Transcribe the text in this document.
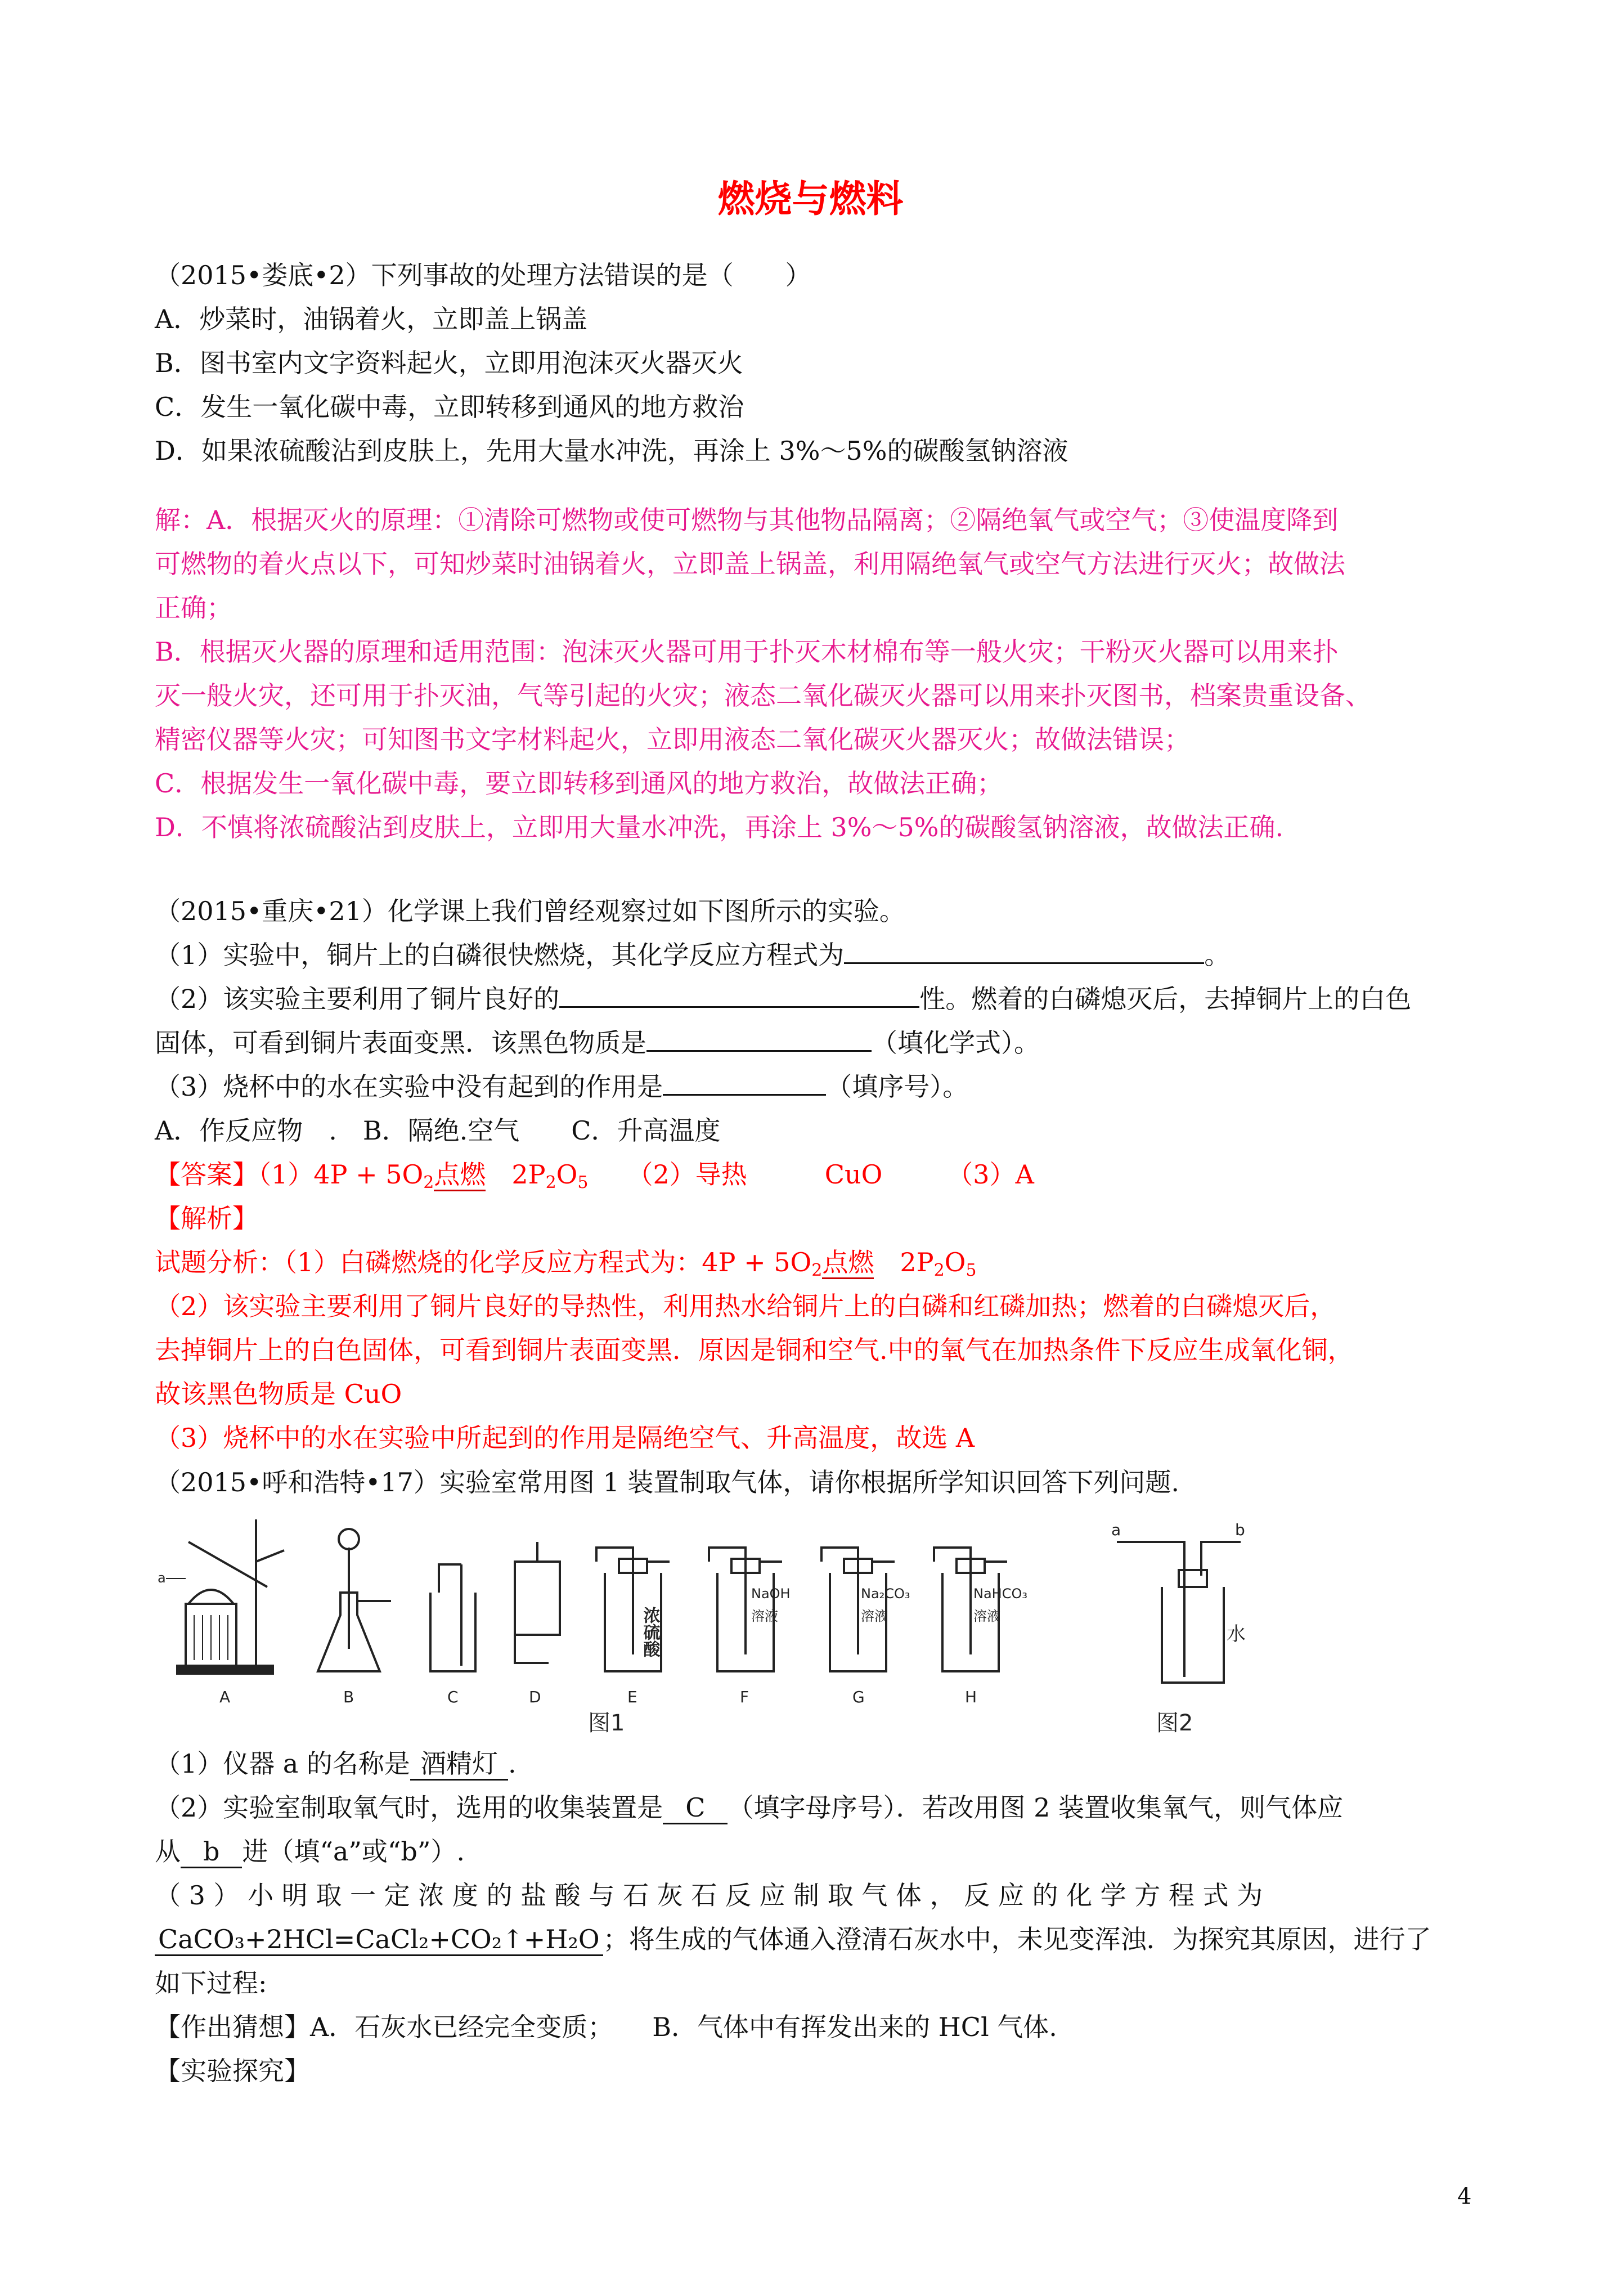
燃烧与燃料
（2015•娄底•2）下列事故的处理方法错误的是（　　）
A．炒菜时，油锅着火，立即盖上锅盖
B．图书室内文字资料起火，立即用泡沫灭火器灭火
C．发生一氧化碳中毒，立即转移到通风的地方救治
D．如果浓硫酸沾到皮肤上，先用大量水冲洗，再涂上 3%～5%的碳酸氢钠溶液
解：A．根据灭火的原理：①清除可燃物或使可燃物与其他物品隔离；②隔绝氧气或空气；③使温度降到
可燃物的着火点以下，可知炒菜时油锅着火，立即盖上锅盖，利用隔绝氧气或空气方法进行灭火；故做法
正确；
B．根据灭火器的原理和适用范围：泡沫灭火器可用于扑灭木材棉布等一般火灾；干粉灭火器可以用来扑
灭一般火灾，还可用于扑灭油，气等引起的火灾；液态二氧化碳灭火器可以用来扑灭图书，档案贵重设备、
精密仪器等火灾；可知图书文字材料起火，立即用液态二氧化碳灭火器灭火；故做法错误；
C．根据发生一氧化碳中毒，要立即转移到通风的地方救治，故做法正确；
D．不慎将浓硫酸沾到皮肤上，立即用大量水冲洗，再涂上 3%～5%的碳酸氢钠溶液，故做法正确.
（2015•重庆•21）化学课上我们曾经观察过如下图所示的实验。
（1）实验中，铜片上的白磷很快燃烧，其化学反应方程式为	。
（2）该实验主要利用了铜片良好的	性。燃着的白磷熄灭后，去掉铜片上的白色
固体，可看到铜片表面变黑．该黑色物质是	（填化学式）。
（3）烧杯中的水在实验中没有起到的作用是	（填序号）。
A．作反应物　.　B．隔绝.空气　　C．升高温度
【答案】$(1)4P + 5O_2$点燃　 $2P_2O_5$　　 （2）导热　　　	CuO　　　	（3）A
【解析】
试题分析：（1）白磷燃烧的化学反应方程式为：$4P + 5O_2$点燃　 $2P_2O_5$
（2）该实验主要利用了铜片良好的导热性，利用热水给铜片上的白磷和红磷加热；燃着的白磷熄灭后，
去掉铜片上的白色固体，可看到铜片表面变黑．原因是铜和空气.中的氧气在加热条件下反应生成氧化铜，
故该黑色物质是 CuO
（3）烧杯中的水在实验中所起到的作用是隔绝空气、升高温度，故选 A
（2015•呼和浩特•17）实验室常用图 1 装置制取气体，请你根据所学知识回答下列问题.
A	B	C	D	E	F	G	H
a
a	b
浓硫酸
NaOH
溶液
Na₂CO₃
溶液
NaHCO₃
溶液
水
图1	图2
（1）仪器 a 的名称是 酒精灯 .
（2）实验室制取氧气时，选用的收集装置是 C （填字母序号）．若改用图 2 装置收集氧气，则气体应
从 b 进（填“a”或“b”）.
（ 3 ） 小 明 取 一 定 浓 度 的 盐 酸 与 石 灰 石 反 应 制 取 气 体 ， 反 应 的 化 学 方 程 式 为
CaCO₃+2HCl=CaCl₂+CO₂↑+H₂O ；将生成的气体通入澄清石灰水中，未见变浑浊．为探究其原因，进行了
如下过程:
【作出猜想】A．石灰水已经完全变质；　　 B．气体中有挥发出来的 HCl 气体.
【实验探究】
4
